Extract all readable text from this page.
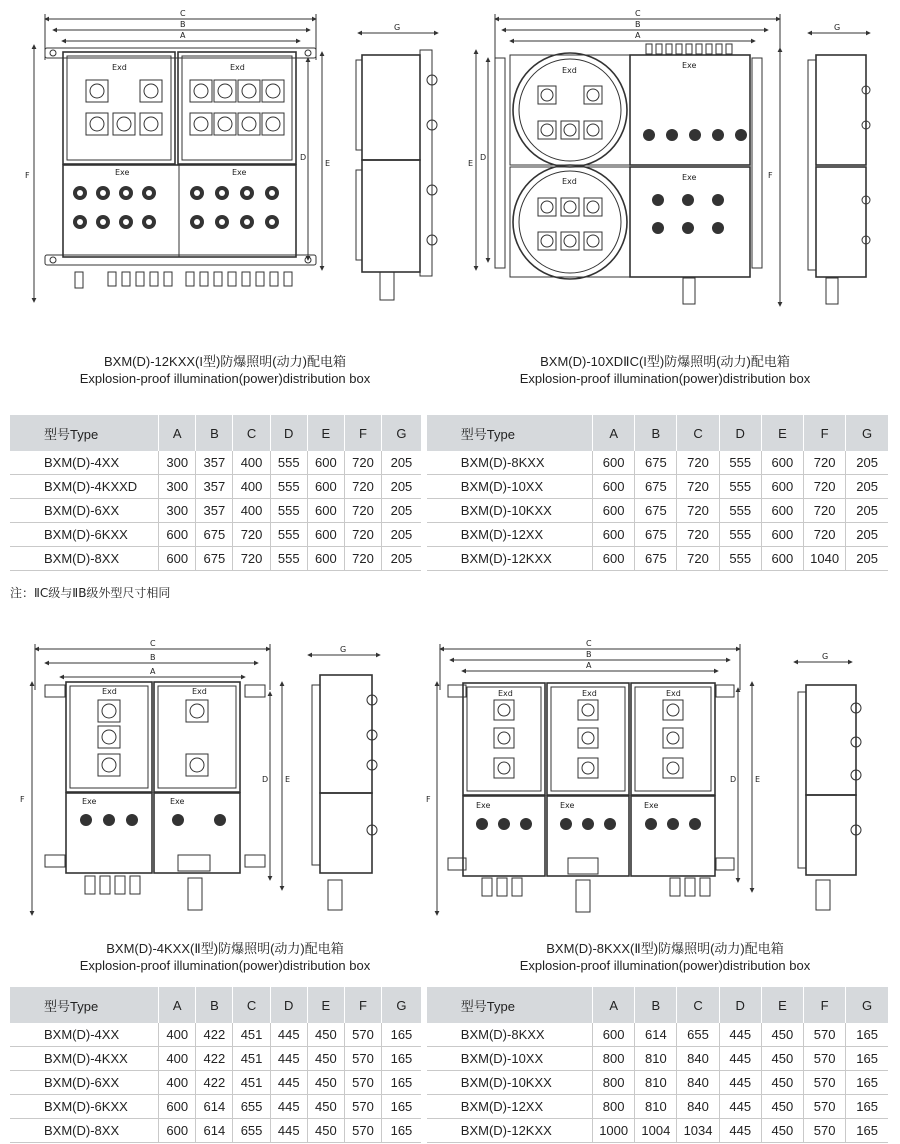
C
B
A
G
F
D
E
Exd	Exd
Exe	Exe
C
B
A
G
F
D
E
Exd
Exd
Exe
Exe
BXM(D)-12KXX(I型)防爆照明(动力)配电箱
Explosion-proof illumination(power)distribution box
BXM(D)-10XDⅡC(I型)防爆照明(动力)配电箱
Explosion-proof illumination(power)distribution box
型号Type	A	B	C	D	E	F	G	型号Type	A	B	C	D	E	F	G
BXM(D)-4XX	300	357	400	555	600	720	205	BXM(D)-8KXX	600	675	720	555	600	720	205
BXM(D)-4KXXD	300	357	400	555	600	720	205	BXM(D)-10XX	600	675	720	555	600	720	205
BXM(D)-6XX	300	357	400	555	600	720	205	BXM(D)-10KXX	600	675	720	555	600	720	205
BXM(D)-6KXX	600	675	720	555	600	720	205	BXM(D)-12XX	600	675	720	555	600	720	205
BXM(D)-8XX	600	675	720	555	600	720	205	BXM(D)-12KXX	600	675	720	555	600	1040	205
注：ⅡC级与ⅡB级外型尺寸相同
C
B
A
G
F
D E
Exd	Exd
Exe	Exe
C
B
A
G
F
D E
Exd	Exd	Exd
Exe	Exe	Exe
BXM(D)-4KXX(Ⅱ型)防爆照明(动力)配电箱
Explosion-proof illumination(power)distribution box
BXM(D)-8KXX(Ⅱ型)防爆照明(动力)配电箱
Explosion-proof illumination(power)distribution box
型号Type	A	B	C	D	E	F	G	型号Type	A	B	C	D	E	F	G
BXM(D)-4XX	400	422	451	445	450	570	165	BXM(D)-8KXX	600	614	655	445	450	570	165
BXM(D)-4KXX	400	422	451	445	450	570	165	BXM(D)-10XX	800	810	840	445	450	570	165
BXM(D)-6XX	400	422	451	445	450	570	165	BXM(D)-10KXX	800	810	840	445	450	570	165
BXM(D)-6KXX	600	614	655	445	450	570	165	BXM(D)-12XX	800	810	840	445	450	570	165
BXM(D)-8XX	600	614	655	445	450	570	165	BXM(D)-12KXX	1000	1004	1034	445	450	570	165
